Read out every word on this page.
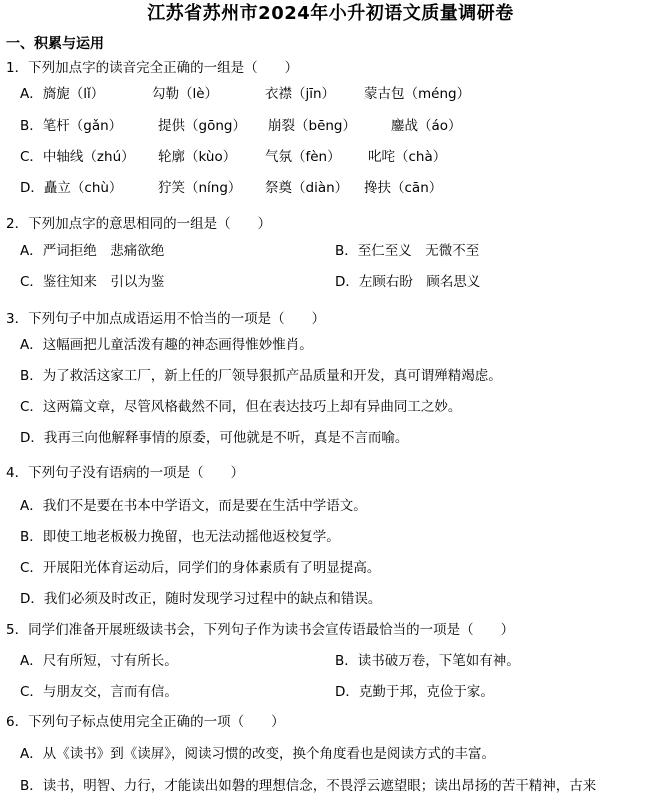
江苏省苏州市2024年小升初语文质量调研卷
一、积累与运用
1．下列加点字的读音完全正确的一组是（　　）
A．旖旎（lǐ）	勾勒（lè）	衣襟（jīn） 蒙古包（méng）
B．笔杆（gǎn）	提供（gōng） 崩裂（bēng）	鏖战（áo）
C．中轴线（zhú） 轮廓（kùo） 气氛（fèn） 叱咤（chà）
D．矗立（chù）	狞笑（níng） 祭奠（diàn） 搀扶（cān）
2．下列加点字的意思相同的一组是（　　）
A．严词拒绝　悲痛欲绝	B．至仁至义　无微不至
C．鉴往知来　引以为鉴	D．左顾右盼　顾名思义
3．下列句子中加点成语运用不恰当的一项是（　　）
A．这幅画把儿童活泼有趣的神态画得惟妙惟肖。
B．为了救活这家工厂，新上任的厂领导狠抓产品质量和开发，真可谓殚精竭虑。
C．这两篇文章，尽管风格截然不同，但在表达技巧上却有异曲同工之妙。
D．我再三向他解释事情的原委，可他就是不听，真是不言而喻。
4．下列句子没有语病的一项是（　　）
A．我们不是要在书本中学语文，而是要在生活中学语文。
B．即使工地老板极力挽留，也无法动摇他返校复学。
C．开展阳光体育运动后，同学们的身体素质有了明显提高。
D．我们必须及时改正，随时发现学习过程中的缺点和错误。
5．同学们准备开展班级读书会，下列句子作为读书会宣传语最恰当的一项是（　　）
A．尺有所短，寸有所长。	B．读书破万卷，下笔如有神。
C．与朋友交，言而有信。	D．克勤于邦，克俭于家。
6．下列句子标点使用完全正确的一项（　　）
A．从《读书》到《读屏》，阅读习惯的改变，换个角度看也是阅读方式的丰富。
B．读书，明智、力行，才能读出如磐的理想信念，不畏浮云遮望眼；读出昂扬的苦干精神，古来
